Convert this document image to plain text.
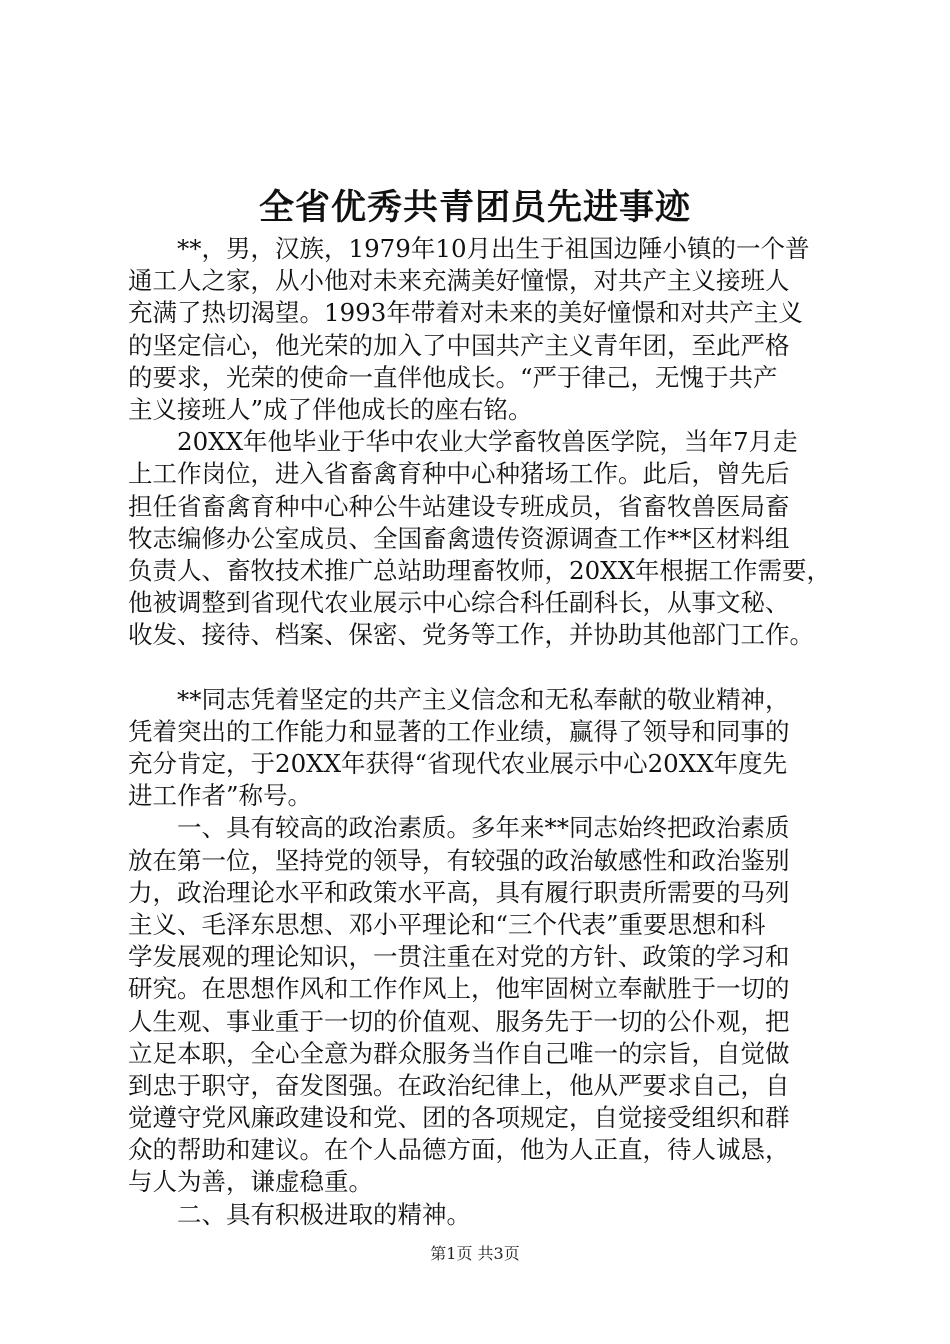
全省优秀共青团员先进事迹
**，男，汉族，1979年10月出生于祖国边陲小镇的一个普
通工人之家，从小他对未来充满美好憧憬，对共产主义接班人
充满了热切渴望。1993年带着对未来的美好憧憬和对共产主义
的坚定信心，他光荣的加入了中国共产主义青年团，至此严格
的要求，光荣的使命一直伴他成长。“严于律己，无愧于共产
主义接班人”成了伴他成长的座右铭。
20XX年他毕业于华中农业大学畜牧兽医学院，当年7月走
上工作岗位，进入省畜禽育种中心种猪场工作。此后，曾先后
担任省畜禽育种中心种公牛站建设专班成员，省畜牧兽医局畜
牧志编修办公室成员、全国畜禽遗传资源调查工作**区材料组
负责人、畜牧技术推广总站助理畜牧师，20XX年根据工作需要，
他被调整到省现代农业展示中心综合科任副科长，从事文秘、
收发、接待、档案、保密、党务等工作，并协助其他部门工作。
**同志凭着坚定的共产主义信念和无私奉献的敬业精神，
凭着突出的工作能力和显著的工作业绩，赢得了领导和同事的
充分肯定，于20XX年获得“省现代农业展示中心20XX年度先
进工作者”称号。
一、具有较高的政治素质。多年来**同志始终把政治素质
放在第一位，坚持党的领导，有较强的政治敏感性和政治鉴别
力，政治理论水平和政策水平高，具有履行职责所需要的马列
主义、毛泽东思想、邓小平理论和“三个代表”重要思想和科
学发展观的理论知识，一贯注重在对党的方针、政策的学习和
研究。在思想作风和工作作风上，他牢固树立奉献胜于一切的
人生观、事业重于一切的价值观、服务先于一切的公仆观，把
立足本职，全心全意为群众服务当作自己唯一的宗旨，自觉做
到忠于职守，奋发图强。在政治纪律上，他从严要求自己，自
觉遵守党风廉政建设和党、团的各项规定，自觉接受组织和群
众的帮助和建议。在个人品德方面，他为人正直，待人诚恳，
与人为善，谦虚稳重。
二、具有积极进取的精神。
第1页 共3页
